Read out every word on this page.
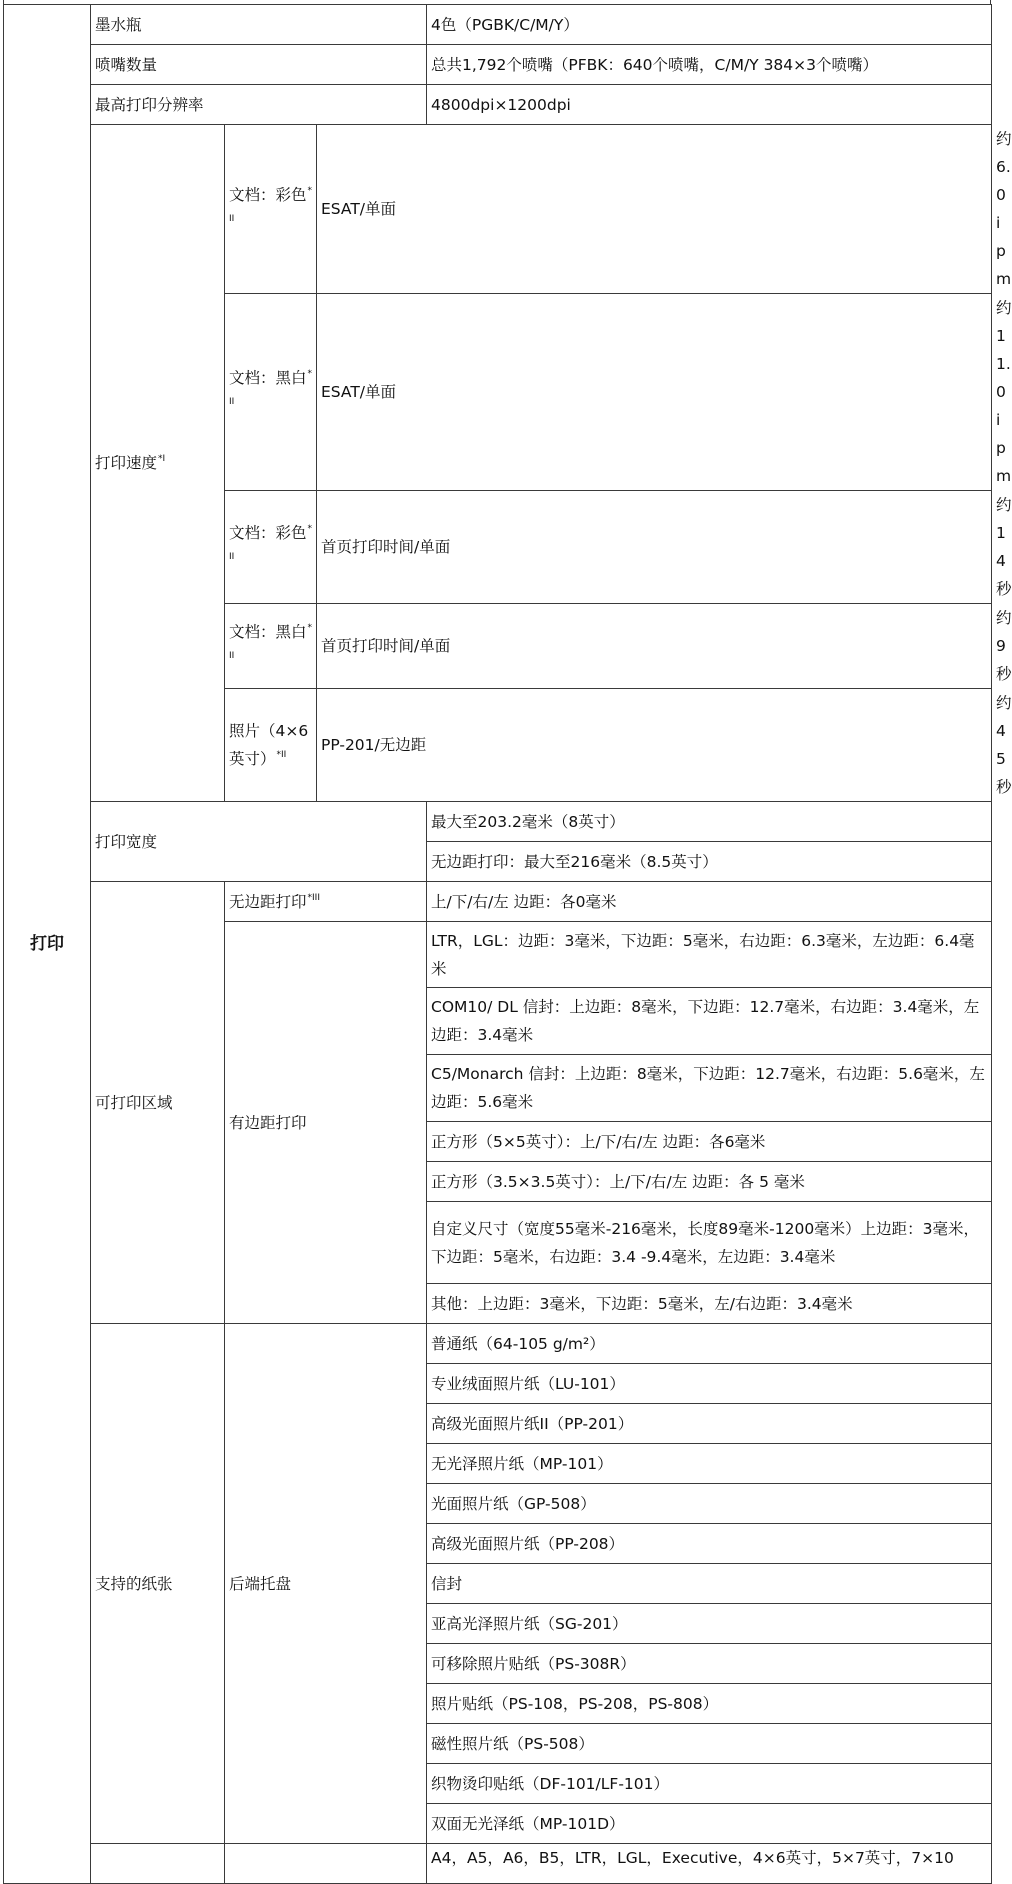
打印	墨水瓶			4色（PGBK/C/M/Y）	
	喷嘴数量			总共1,792个喷嘴（PFBK：640个喷嘴，C/M/Y 384×3个喷嘴）	
	最高打印分辨率			4800dpi×1200dpi	
	打印速度$^{*I}$	文档：彩色$^{*II}$	ESAT/单面		约6.0ipm
		文档：黑白$^{*II}$	ESAT/单面		约11.0ipm
		文档：彩色$^{*II}$	首页打印时间/单面		约14秒
		文档：黑白$^{*II}$	首页打印时间/单面		约9秒
		照片（4×6英寸）$^{*II}$	PP-201/无边距		约45秒
	打印宽度			最大至203.2毫米（8英寸）	
				无边距打印：最大至216毫米（8.5英寸）	
	可打印区域	无边距打印$^{*III}$		上/下/右/左 边距：各0毫米	
		有边距打印		LTR，LGL：边距：3毫米，下边距：5毫米，右边距：6.3毫米，左边距：6.4毫米	
				COM10/ DL 信封：上边距：8毫米，下边距：12.7毫米，右边距：3.4毫米，左边距：3.4毫米	
				C5/Monarch 信封：上边距：8毫米，下边距：12.7毫米，右边距：5.6毫米，左边距：5.6毫米	
				正方形（5×5英寸）：上/下/右/左 边距：各6毫米	
				正方形（3.5×3.5英寸）：上/下/右/左 边距：各 5 毫米	
				自定义尺寸（宽度55毫米-216毫米，长度89毫米-1200毫米）上边距：3毫米，下边距：5毫米，右边距：3.4 -9.4毫米，左边距：3.4毫米	
				其他：上边距：3毫米，下边距：5毫米，左/右边距：3.4毫米	
	支持的纸张	后端托盘		普通纸（64-105 g/m²）	
				专业绒面照片纸（LU-101）	
				高级光面照片纸II（PP-201）	
				无光泽照片纸（MP-101）	
				光面照片纸（GP-508）	
				高级光面照片纸（PP-208）	
				信封	
				亚高光泽照片纸（SG-201）	
				可移除照片贴纸（PS-308R）	
				照片贴纸（PS-108，PS-208，PS-808）	
				磁性照片纸（PS-508）	
				织物烫印贴纸（DF-101/LF-101）	
				双面无光泽纸（MP-101D）	
				A4，A5，A6，B5，LTR，LGL，Executive，4×6英寸，5×7英寸，7×10	
